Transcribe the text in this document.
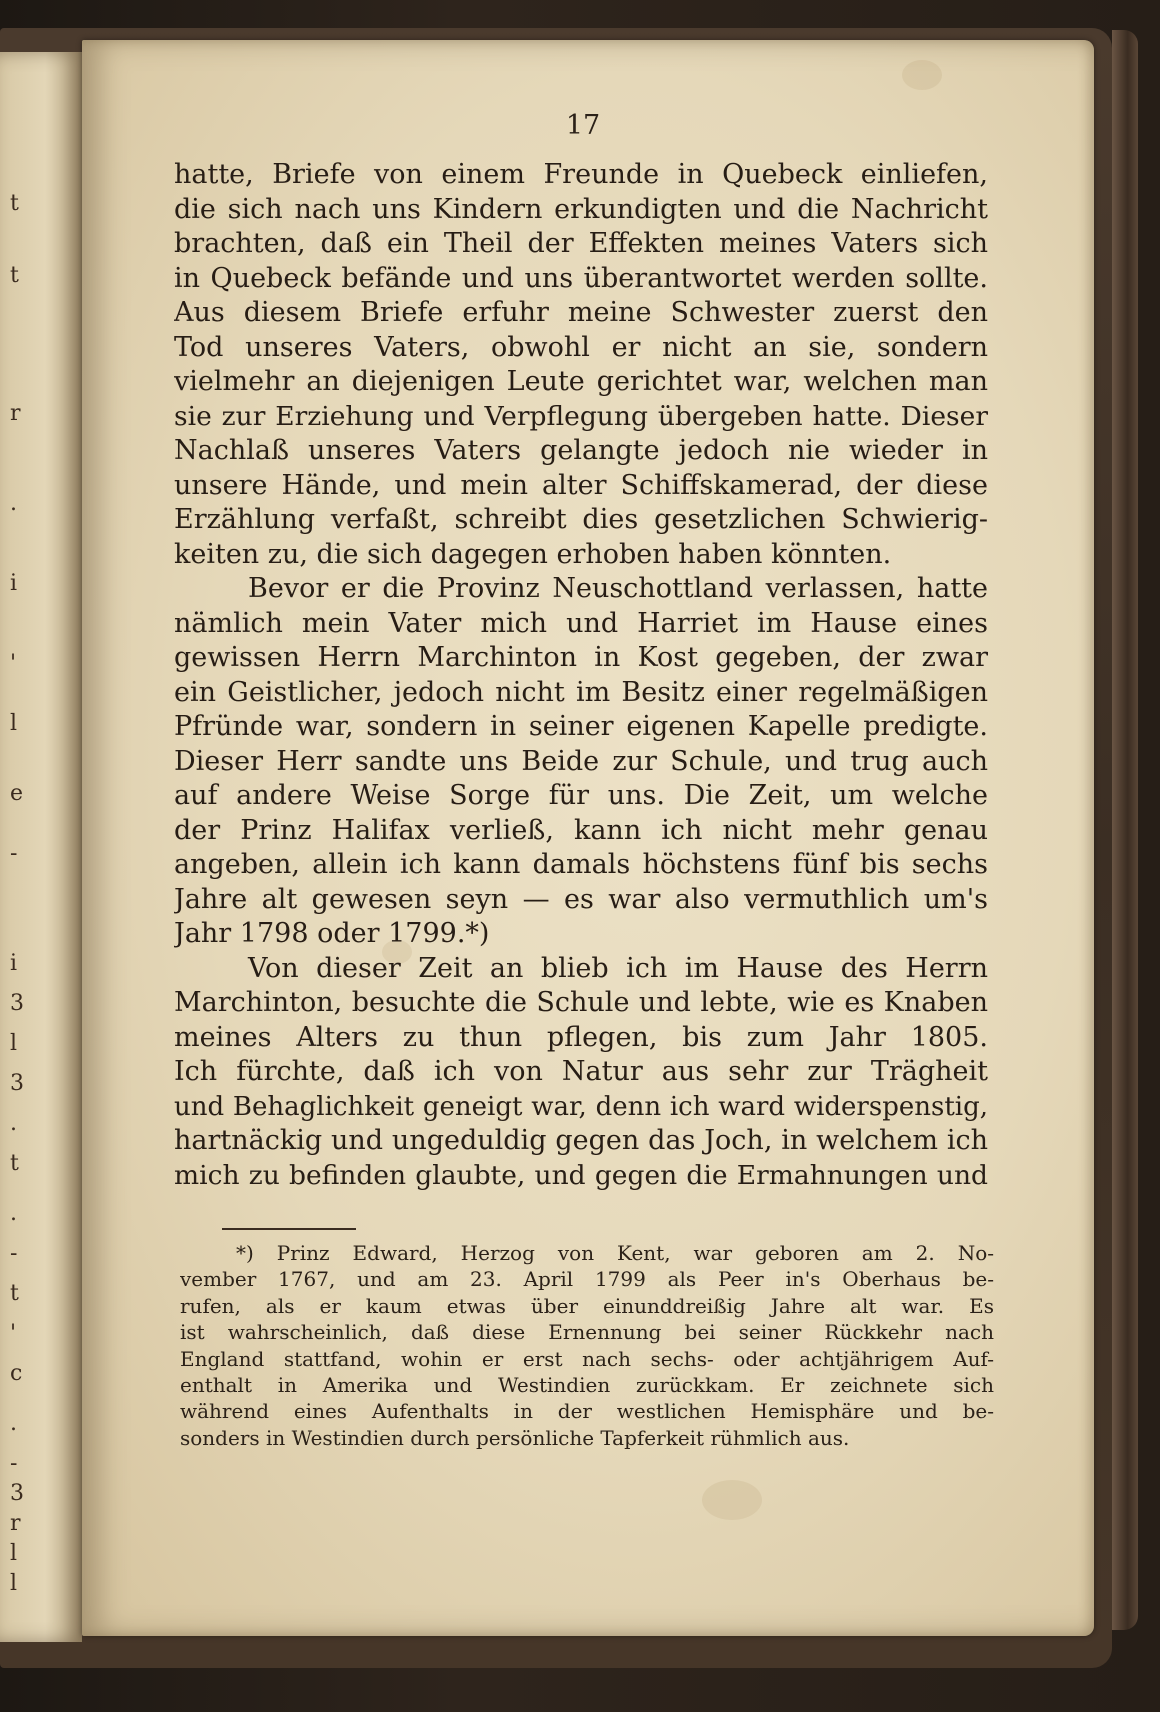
t
t
r
.
i
'
l
e
-
i
3
l
3
.
t
.
-
t
'
c
.
-
3
r
l
l
17
hatte, Briefe von einem Freunde in Quebeck einliefen,
die sich nach uns Kindern erkundigten und die Nachricht
brachten, daß ein Theil der Effekten meines Vaters sich
in Quebeck befände und uns überantwortet werden sollte.
Aus diesem Briefe erfuhr meine Schwester zuerst den
Tod unseres Vaters, obwohl er nicht an sie, sondern
vielmehr an diejenigen Leute gerichtet war, welchen man
sie zur Erziehung und Verpflegung übergeben hatte. Dieser
Nachlaß unseres Vaters gelangte jedoch nie wieder in
unsere Hände, und mein alter Schiffskamerad, der diese
Erzählung verfaßt, schreibt dies gesetzlichen Schwierig-
keiten zu, die sich dagegen erhoben haben könnten.
Bevor er die Provinz Neuschottland verlassen, hatte
nämlich mein Vater mich und Harriet im Hause eines
gewissen Herrn Marchinton in Kost gegeben, der zwar
ein Geistlicher, jedoch nicht im Besitz einer regelmäßigen
Pfründe war, sondern in seiner eigenen Kapelle predigte.
Dieser Herr sandte uns Beide zur Schule, und trug auch
auf andere Weise Sorge für uns. Die Zeit, um welche
der Prinz Halifax verließ, kann ich nicht mehr genau
angeben, allein ich kann damals höchstens fünf bis sechs
Jahre alt gewesen seyn — es war also vermuthlich um's
Jahr 1798 oder 1799.*)
Von dieser Zeit an blieb ich im Hause des Herrn
Marchinton, besuchte die Schule und lebte, wie es Knaben
meines Alters zu thun pflegen, bis zum Jahr 1805.
Ich fürchte, daß ich von Natur aus sehr zur Trägheit
und Behaglichkeit geneigt war, denn ich ward widerspenstig,
hartnäckig und ungeduldig gegen das Joch, in welchem ich
mich zu befinden glaubte, und gegen die Ermahnungen und
*) Prinz Edward, Herzog von Kent, war geboren am 2. No-
vember 1767, und am 23. April 1799 als Peer in's Oberhaus be-
rufen, als er kaum etwas über einunddreißig Jahre alt war. Es
ist wahrscheinlich, daß diese Ernennung bei seiner Rückkehr nach
England stattfand, wohin er erst nach sechs- oder achtjährigem Auf-
enthalt in Amerika und Westindien zurückkam. Er zeichnete sich
während eines Aufenthalts in der westlichen Hemisphäre und be-
sonders in Westindien durch persönliche Tapferkeit rühmlich aus.
